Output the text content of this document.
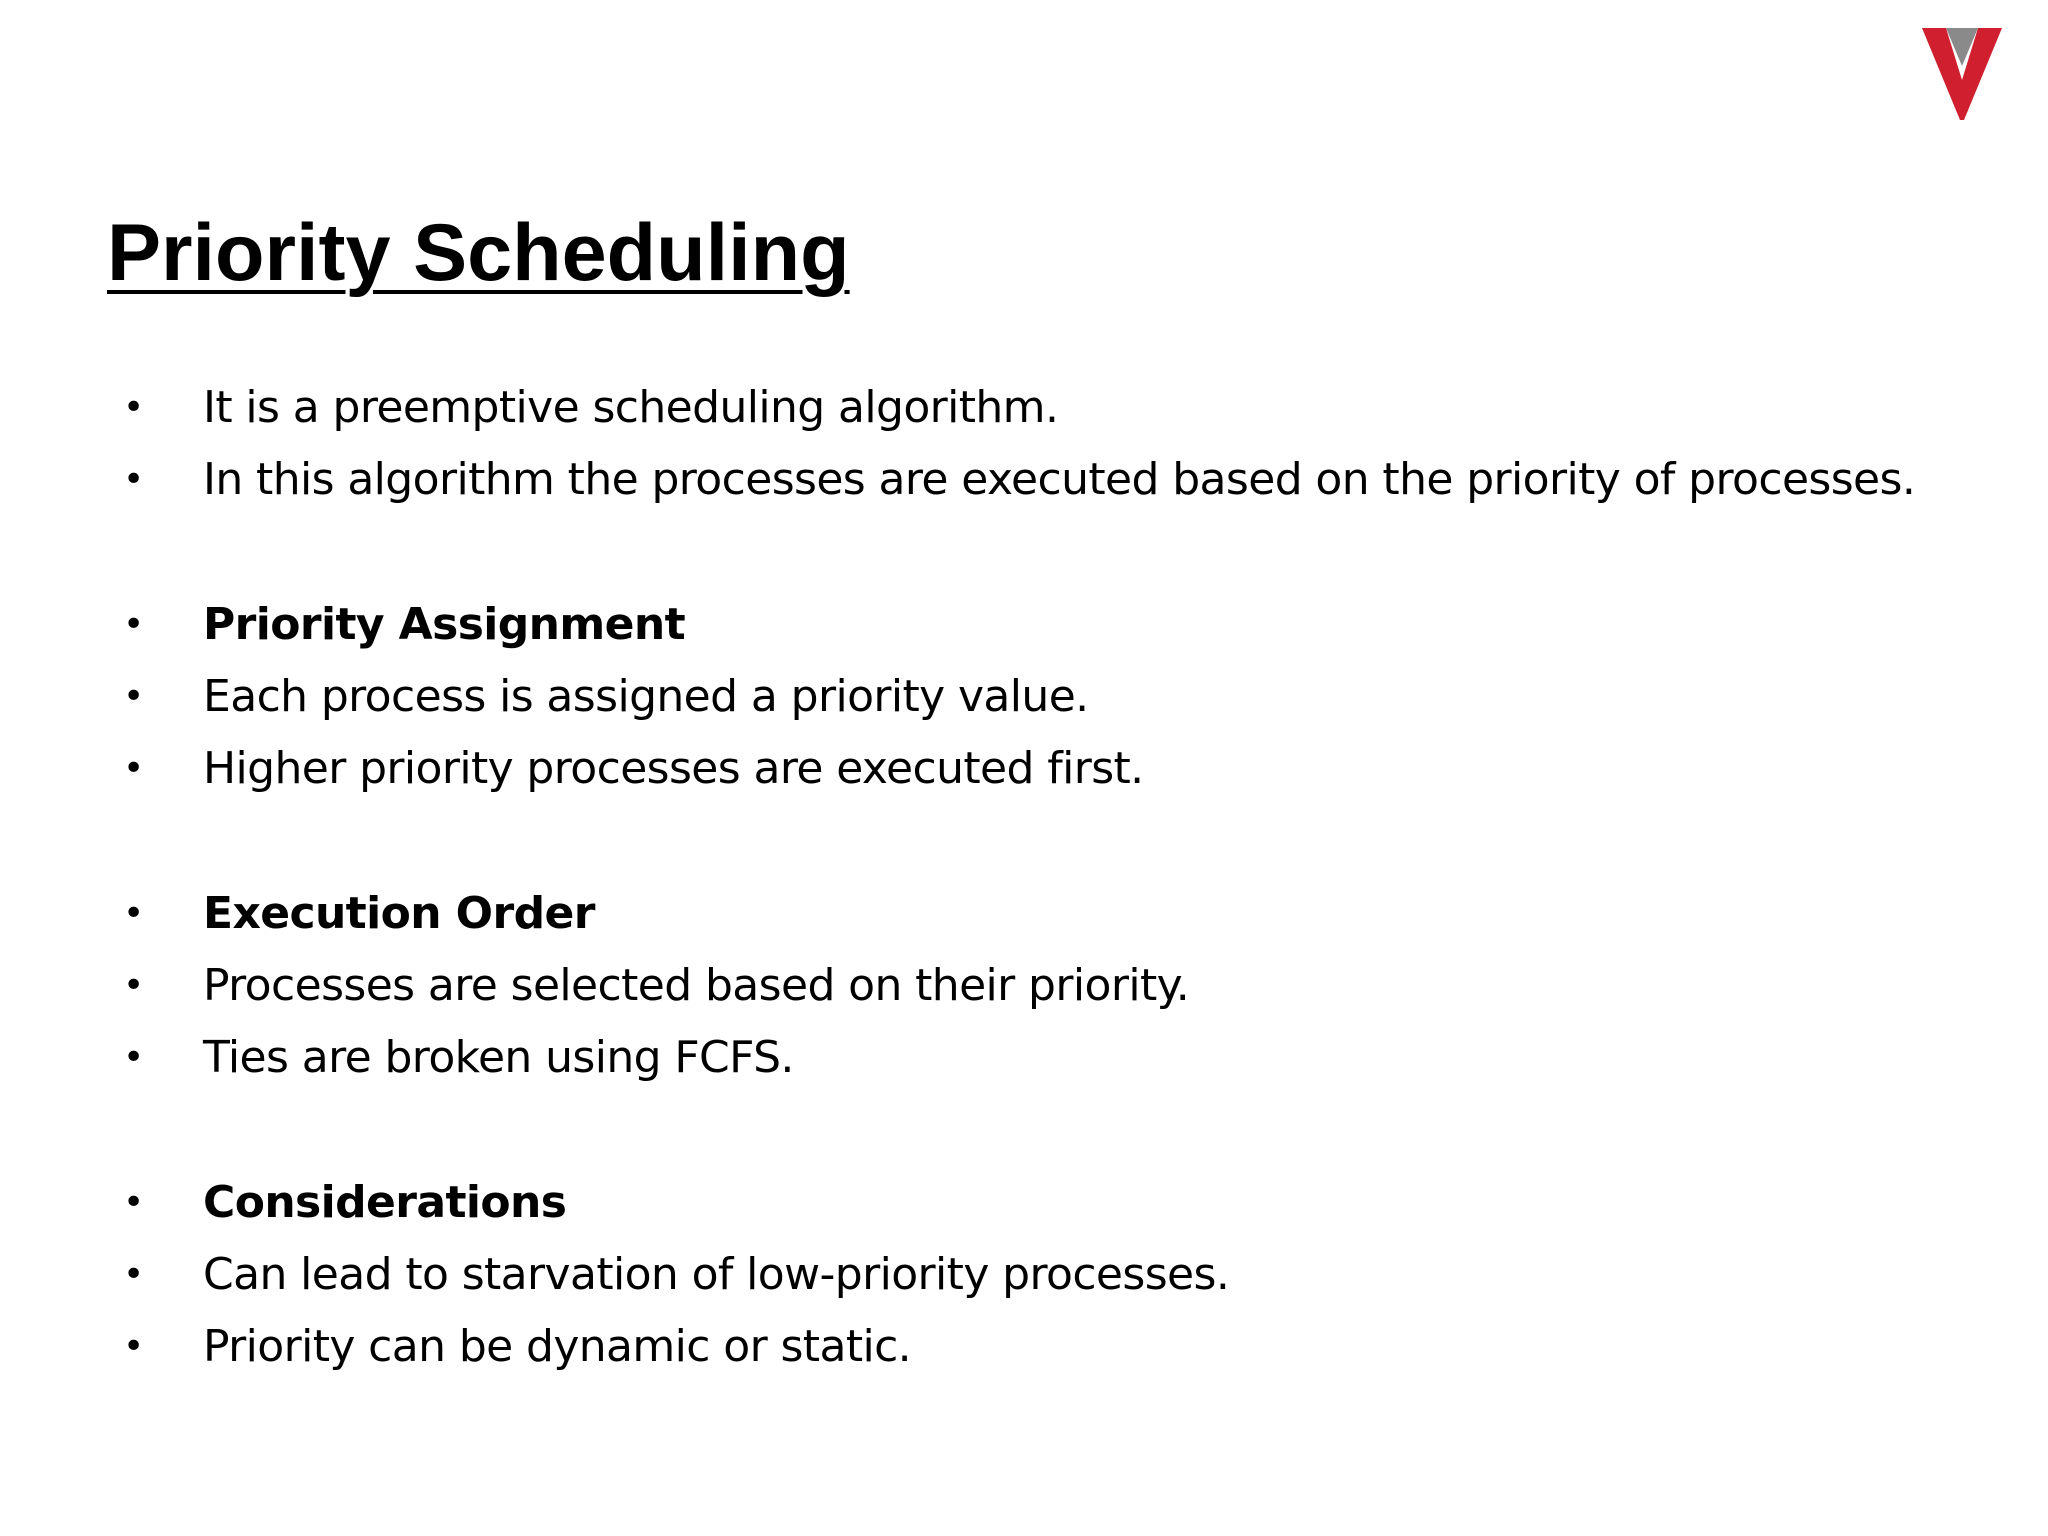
Priority Scheduling
• It is a preemptive scheduling algorithm.
• In this algorithm the processes are executed based on the priority of processes.
• Priority Assignment
• Each process is assigned a priority value.
• Higher priority processes are executed first.
• Execution Order
• Processes are selected based on their priority.
• Ties are broken using FCFS.
• Considerations
• Can lead to starvation of low-priority processes.
• Priority can be dynamic or static.
